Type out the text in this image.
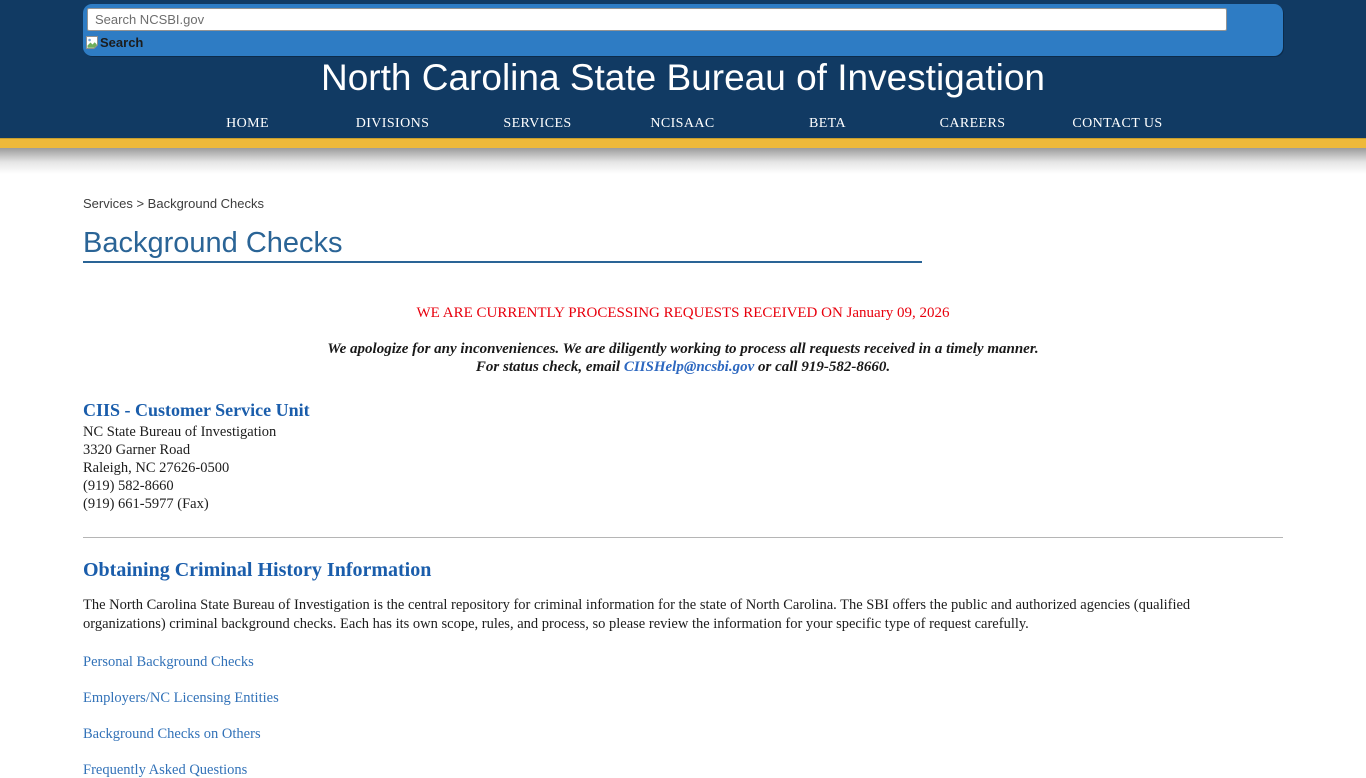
Search NCSBI.gov
Search
North Carolina State Bureau of Investigation
HOME	DIVISIONS	SERVICES	NCISAAC	BETA	CAREERS	CONTACT US
Services > Background Checks
Background Checks
WE ARE CURRENTLY PROCESSING REQUESTS RECEIVED ON January 09, 2026
We apologize for any inconveniences. We are diligently working to process all requests received in a timely manner.
For status check, email CIISHelp@ncsbi.gov or call 919-582-8660.
CIIS - Customer Service Unit
NC State Bureau of Investigation
3320 Garner Road
Raleigh, NC 27626-0500
(919) 582-8660
(919) 661-5977 (Fax)
Obtaining Criminal History Information

The North Carolina State Bureau of Investigation is the central repository for criminal information for the state of North Carolina. The SBI offers the public and authorized agencies (qualified organizations) criminal background checks. Each has its own scope, rules, and process, so please review the information for your specific type of request carefully.

Personal Background Checks
Employers/NC Licensing Entities
Background Checks on Others
Frequently Asked Questions
